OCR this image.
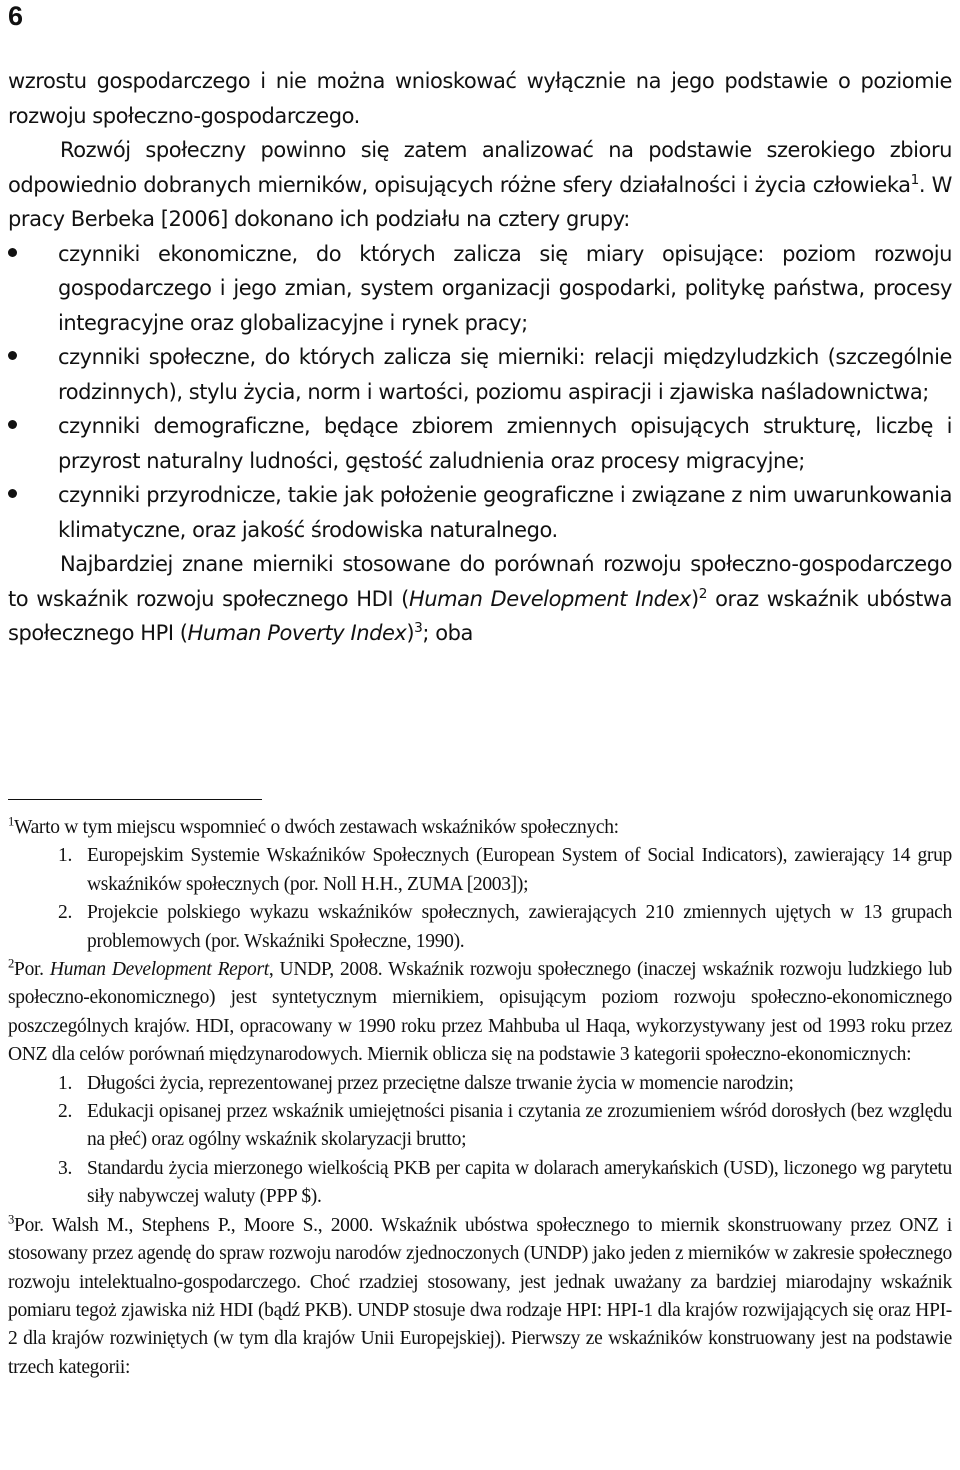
6

wzrostu gospodarczego i nie można wnioskować wyłącznie na jego podstawie o poziomie rozwoju społeczno-gospodarczego.

Rozwój społeczny powinno się zatem analizować na podstawie szerokiego zbioru odpowiednio dobranych mierników, opisujących różne sfery działalności i życia człowieka$^1$. W pracy Berbeka [2006] dokonano ich podziału na cztery grupy:

czynniki ekonomiczne, do których zalicza się miary opisujące: poziom rozwoju gospodarczego i jego zmian, system organizacji gospodarki, politykę państwa, procesy integracyjne oraz globalizacyjne i rynek pracy;
czynniki społeczne, do których zalicza się mierniki: relacji międzyludzkich (szczególnie rodzinnych), stylu życia, norm i wartości, poziomu aspiracji i zjawiska naśladownictwa;
czynniki demograficzne, będące zbiorem zmiennych opisujących strukturę, liczbę i przyrost naturalny ludności, gęstość zaludnienia oraz procesy migracyjne;
czynniki przyrodnicze, takie jak położenie geograficzne i związane z nim uwarunkowania klimatyczne, oraz jakość środowiska naturalnego.

Najbardziej znane mierniki stosowane do porównań rozwoju społeczno-gospodarczego to wskaźnik rozwoju społecznego HDI (Human Development Index)$^2$ oraz wskaźnik ubóstwa społecznego HPI (Human Poverty Index)$^3$; oba

$^1$Warto w tym miejscu wspomnieć o dwóch zestawach wskaźników społecznych:

1. Europejskim Systemie Wskaźników Społecznych (European System of Social Indicators), zawierający 14 grup wskaźników społecznych (por. Noll H.H., ZUMA [2003]);
2. Projekcie polskiego wykazu wskaźników społecznych, zawierających 210 zmiennych ujętych w 13 grupach problemowych (por. Wskaźniki Społeczne, 1990).

$^2$Por. Human Development Report, UNDP, 2008. Wskaźnik rozwoju społecznego (inaczej wskaźnik rozwoju ludzkiego lub społeczno-ekonomicznego) jest syntetycznym miernikiem, opisującym poziom rozwoju społeczno-ekonomicznego poszczególnych krajów. HDI, opracowany w 1990 roku przez Mahbuba ul Haqa, wykorzystywany jest od 1993 roku przez ONZ dla celów porównań międzynarodowych. Miernik oblicza się na podstawie 3 kategorii społeczno-ekonomicznych:

1. Długości życia, reprezentowanej przez przeciętne dalsze trwanie życia w momencie narodzin;
2. Edukacji opisanej przez wskaźnik umiejętności pisania i czytania ze zrozumieniem wśród dorosłych (bez względu na płeć) oraz ogólny wskaźnik skolaryzacji brutto;
3. Standardu życia mierzonego wielkością PKB per capita w dolarach amerykańskich (USD), liczonego wg parytetu siły nabywczej waluty (PPP $).

$^3$Por. Walsh M., Stephens P., Moore S., 2000. Wskaźnik ubóstwa społecznego to miernik skonstruowany przez ONZ i stosowany przez agendę do spraw rozwoju narodów zjednoczonych (UNDP) jako jeden z mierników w zakresie społecznego rozwoju intelektualno-gospodarczego. Choć rzadziej stosowany, jest jednak uważany za bardziej miarodajny wskaźnik pomiaru tegoż zjawiska niż HDI (bądź PKB). UNDP stosuje dwa rodzaje HPI: HPI-1 dla krajów rozwijających się oraz HPI-2 dla krajów rozwiniętych (w tym dla krajów Unii Europejskiej). Pierwszy ze wskaźników konstruowany jest na podstawie trzech kategorii:
